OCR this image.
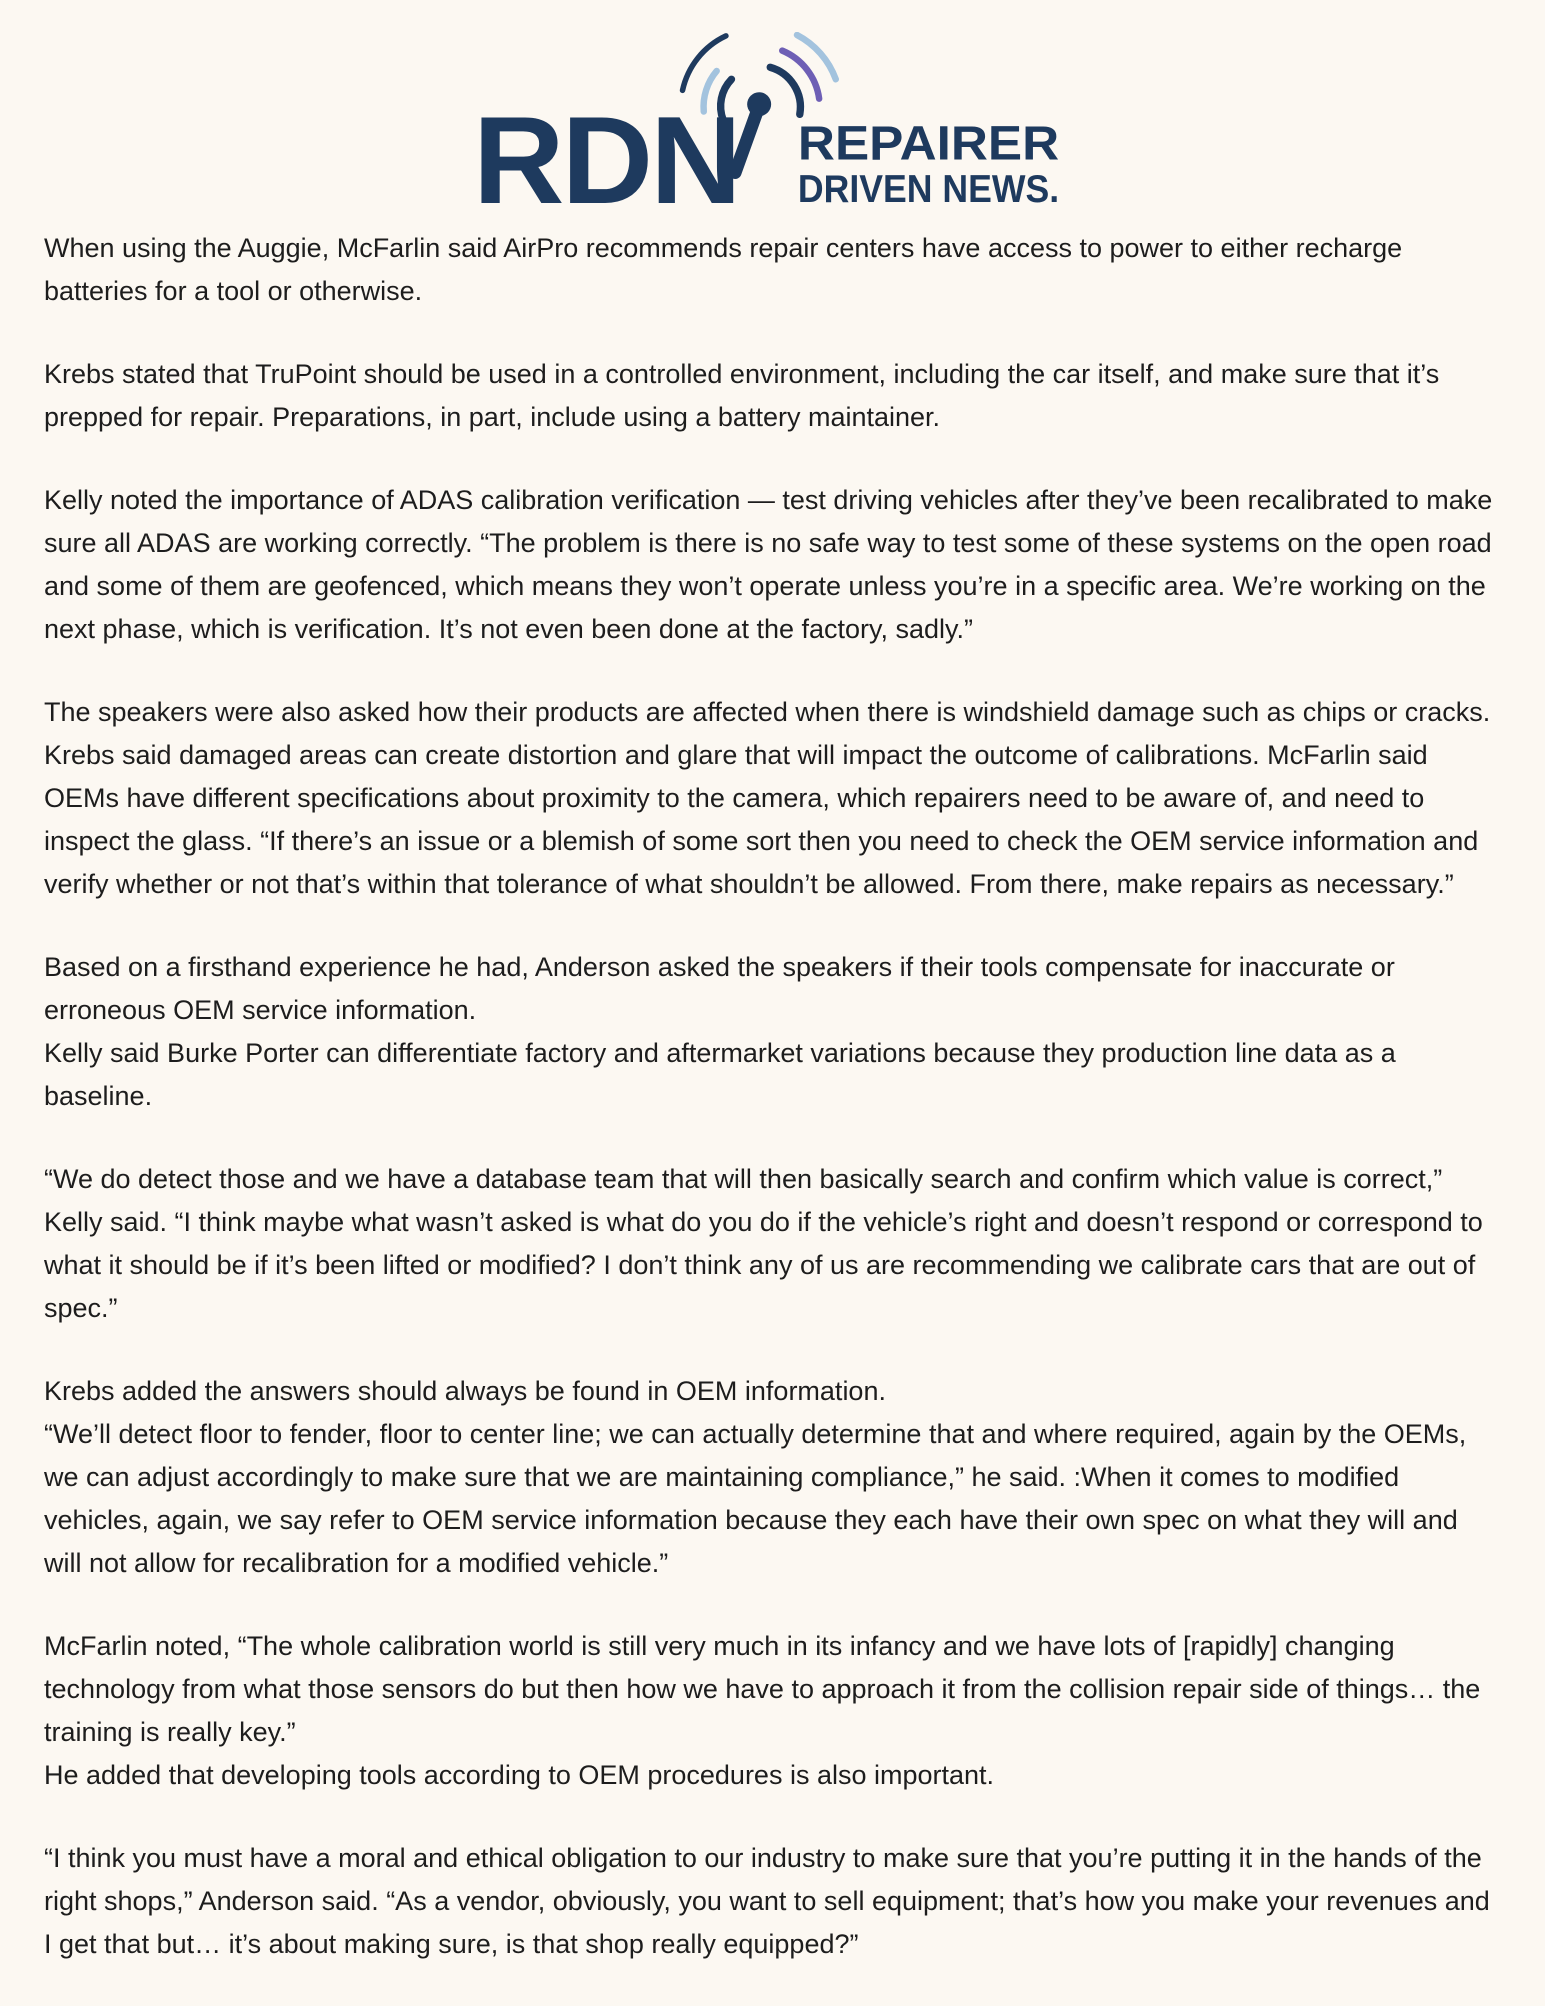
RDN REPAIRER
DRIVEN NEWS.
When using the Auggie, McFarlin said AirPro recommends repair centers have access to power to either recharge batteries for a tool or otherwise.
Krebs stated that TruPoint should be used in a controlled environment, including the car itself, and make sure that it’s prepped for repair. Preparations, in part, include using a battery maintainer.
Kelly noted the importance of ADAS calibration verification — test driving vehicles after they’ve been recalibrated to make sure all ADAS are working correctly. “The problem is there is no safe way to test some of these systems on the open road and some of them are geofenced, which means they won’t operate unless you’re in a specific area. We’re working on the next phase, which is verification. It’s not even been done at the factory, sadly.”
The speakers were also asked how their products are affected when there is windshield damage such as chips or cracks. Krebs said damaged areas can create distortion and glare that will impact the outcome of calibrations. McFarlin said OEMs have different specifications about proximity to the camera, which repairers need to be aware of, and need to inspect the glass. “If there’s an issue or a blemish of some sort then you need to check the OEM service information and verify whether or not that’s within that tolerance of what shouldn’t be allowed. From there, make repairs as necessary.”
Based on a firsthand experience he had, Anderson asked the speakers if their tools compensate for inaccurate or erroneous OEM service information.
Kelly said Burke Porter can differentiate factory and aftermarket variations because they production line data as a baseline.
“We do detect those and we have a database team that will then basically search and confirm which value is correct,” Kelly said. “I think maybe what wasn’t asked is what do you do if the vehicle’s right and doesn’t respond or correspond to what it should be if it’s been lifted or modified? I don’t think any of us are recommending we calibrate cars that are out of spec.”
Krebs added the answers should always be found in OEM information.
“We’ll detect floor to fender, floor to center line; we can actually determine that and where required, again by the OEMs, we can adjust accordingly to make sure that we are maintaining compliance,” he said. :When it comes to modified vehicles, again, we say refer to OEM service information because they each have their own spec on what they will and will not allow for recalibration for a modified vehicle.”
McFarlin noted, “The whole calibration world is still very much in its infancy and we have lots of [rapidly] changing technology from what those sensors do but then how we have to approach it from the collision repair side of things… the training is really key.”
He added that developing tools according to OEM procedures is also important.
“I think you must have a moral and ethical obligation to our industry to make sure that you’re putting it in the hands of the right shops,” Anderson said. “As a vendor, obviously, you want to sell equipment; that’s how you make your revenues and I get that but… it’s about making sure, is that shop really equipped?”
